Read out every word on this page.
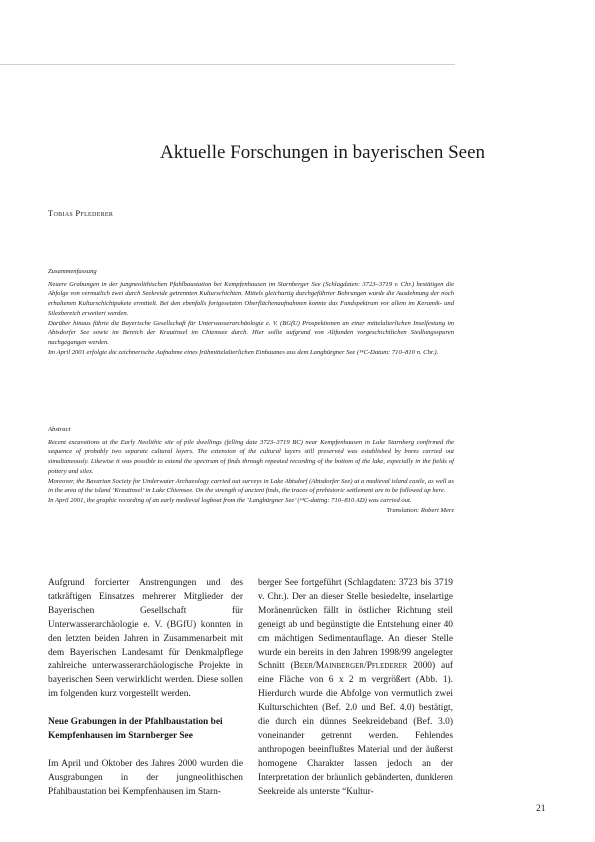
Aktuelle Forschungen in bayerischen Seen
Tobias Pflederer
Zusammenfassung

Neuere Grabungen in der jungneolithischen Pfahlbaustation bei Kempfenhausen im Starnberger See (Schlagdaten: 3723–3719 v. Chr.) bestätigen die Abfolge von vermutlich zwei durch Seekreide getrennten Kulturschichten. Mittels gleichartig durchgeführter Bohrungen wurde die Ausdehnung der noch erhaltenen Kulturschichtpakete ermittelt. Bei den ebenfalls fortgesetzten Oberflächenaufnahmen konnte das Fundspektrum vor allem im Keramik- und Silexbereich erweitert werden.

Darüber hinaus führte die Bayerische Gesellschaft für Unterwasserarchäologie e. V. (BGfU) Prospektionen an einer mittelalterlichen Inselfestung im Abtsdorfer See sowie im Bereich der Krautinsel im Chiemsee durch. Hier sollte aufgrund von Altfunden vorgeschichtlichen Siedlungsspuren nachgegangen werden.

Im April 2001 erfolgte die zeichnerische Aufnahme eines frühmittelalterlichen Einbaumes aus dem Langbürgner See (¹⁴C-Datum: 710–810 n. Chr.).

Abstract

Recent excavations at the Early Neolithic site of pile dwellings (felling date 3723–3719 BC) near Kempfenhausen in Lake Starnberg confirmed the sequence of probably two separate cultural layers. The extension of the cultural layers still preserved was established by bores carried out simultaneously. Likewise it was possible to extend the spectrum of finds through repeated recording of the bottom of the lake, especially in the fields of pottery and silex.

Moreover, the Bavarian Society for Underwater Archaeology carried out surveys in Lake Abtsdorf (Abtsdorfer See) at a medieval island castle, as well as in the area of the island ‘Krautinsel’ in Lake Chiemsee. On the strength of ancient finds, the traces of prehistoric settlement are to be followed up here.

In April 2001, the graphic recording of an early medieval logboat from the ‘Langbürgner See’ (¹⁴C-dating: 710–810 AD) was carried out.

Translation: Robert Merz

Aufgrund forcierter Anstrengungen und des tatkräftigen Einsatzes mehrerer Mitglieder der Bayerischen Gesellschaft für Unterwasserarchäologie e. V. (BGfU) konnten in den letzten beiden Jahren in Zusammenarbeit mit dem Bayerischen Landesamt für Denkmalpflege zahlreiche unterwasserarchäologische Projekte in bayerischen Seen verwirklicht werden. Diese sollen im folgenden kurz vorgestellt werden.

Neue Grabungen in der Pfahlbaustation bei Kempfenhausen im Starnberger See

Im April und Oktober des Jahres 2000 wurden die Ausgrabungen in der jungneolithischen Pfahlbaustation bei Kempfenhausen im Starn-

berger See fortgeführt (Schlagdaten: 3723 bis 3719 v. Chr.). Der an dieser Stelle besiedelte, inselartige Moränenrücken fällt in östlicher Richtung steil geneigt ab und begünstigte die Entstehung einer 40 cm mächtigen Sedimentauflage. An dieser Stelle wurde ein bereits in den Jahren 1998/99 angelegter Schnitt (Beer/Mainberger/Pflederer 2000) auf eine Fläche von 6 x 2 m vergrößert (Abb. 1). Hierdurch wurde die Abfolge von vermutlich zwei Kulturschichten (Bef. 2.0 und Bef. 4.0) bestätigt, die durch ein dünnes Seekreideband (Bef. 3.0) voneinander getrennt werden. Fehlendes anthropogen beeinflußtes Material und der äußerst homogene Charakter lassen jedoch an der Interpretation der bräunlich gebänderten, dunkleren Seekreide als unterste “Kultur-

21
